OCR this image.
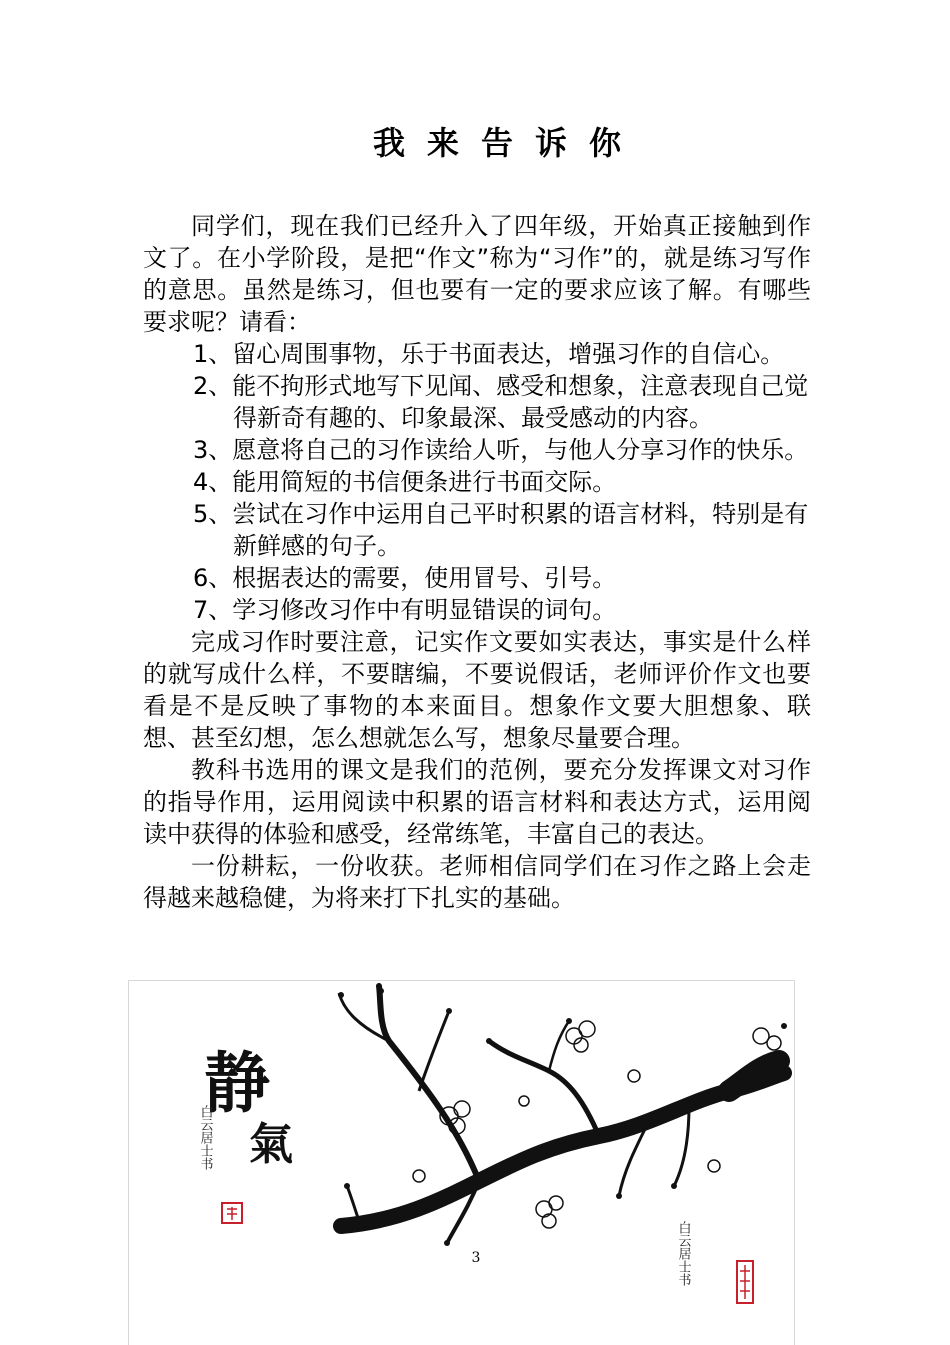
我来告诉你

同学们，现在我们已经升入了四年级，开始真正接触到作文了。在小学阶段，是把“作文”称为“习作”的，就是练习写作的意思。虽然是练习，但也要有一定的要求应该了解。有哪些要求呢？请看：

1、留心周围事物，乐于书面表达，增强习作的自信心。
2、能不拘形式地写下见闻、感受和想象，注意表现自己觉得新奇有趣的、印象最深、最受感动的内容。
3、愿意将自己的习作读给人听，与他人分享习作的快乐。
4、能用简短的书信便条进行书面交际。
5、尝试在习作中运用自己平时积累的语言材料，特别是有新鲜感的句子。
6、根据表达的需要，使用冒号、引号。
7、学习修改习作中有明显错误的词句。

完成习作时要注意，记实作文要如实表达，事实是什么样的就写成什么样，不要瞎编，不要说假话，老师评价作文也要看是不是反映了事物的本来面目。想象作文要大胆想象、联想、甚至幻想，怎么想就怎么写，想象尽量要合理。

教科书选用的课文是我们的范例，要充分发挥课文对习作的指导作用，运用阅读中积累的语言材料和表达方式，运用阅读中获得的体验和感受，经常练笔，丰富自己的表达。

一份耕耘，一份收获。老师相信同学们在习作之路上会走得越来越稳健，为将来打下扎实的基础。

静
氣
白云居士书
白云居士书
3
